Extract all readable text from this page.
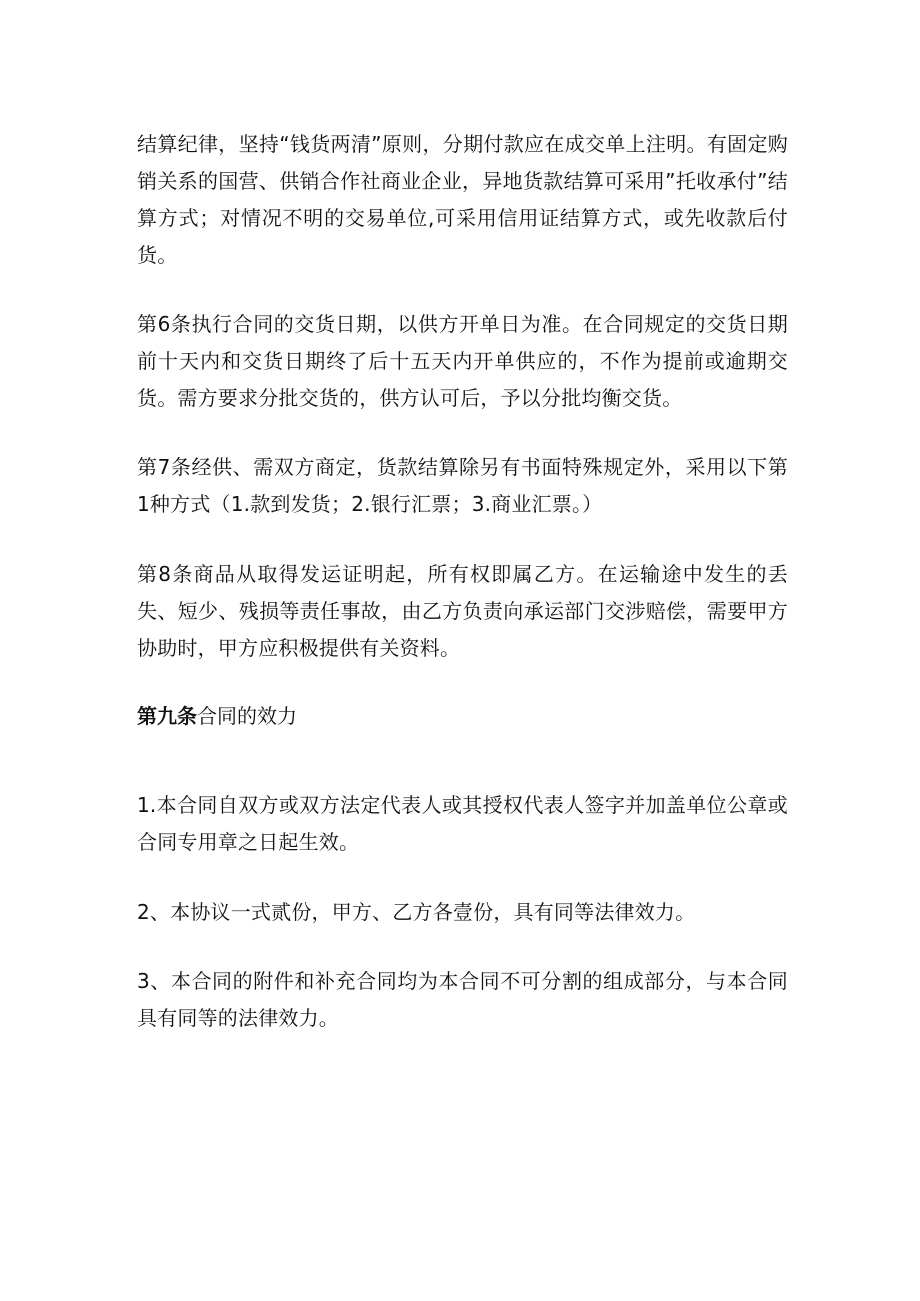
结算纪律，坚持“钱货两清”原则，分期付款应在成交单上注明。有固定购销关系的国营、供销合作社商业企业，异地货款结算可采用”托收承付”结算方式；对情况不明的交易单位,可采用信用证结算方式，或先收款后付货。

第6条执行合同的交货日期，以供方开单日为准。在合同规定的交货日期前十天内和交货日期终了后十五天内开单供应的，不作为提前或逾期交货。需方要求分批交货的，供方认可后，予以分批均衡交货。

第7条经供、需双方商定，货款结算除另有书面特殊规定外，采用以下第1种方式（1.款到发货；2.银行汇票；3.商业汇票。）

第8条商品从取得发运证明起，所有权即属乙方。在运输途中发生的丢失、短少、残损等责任事故，由乙方负责向承运部门交涉赔偿，需要甲方协助时，甲方应积极提供有关资料。

第九条合同的效力

1.本合同自双方或双方法定代表人或其授权代表人签字并加盖单位公章或合同专用章之日起生效。

2、本协议一式贰份，甲方、乙方各壹份，具有同等法律效力。

3、本合同的附件和补充合同均为本合同不可分割的组成部分，与本合同具有同等的法律效力。
